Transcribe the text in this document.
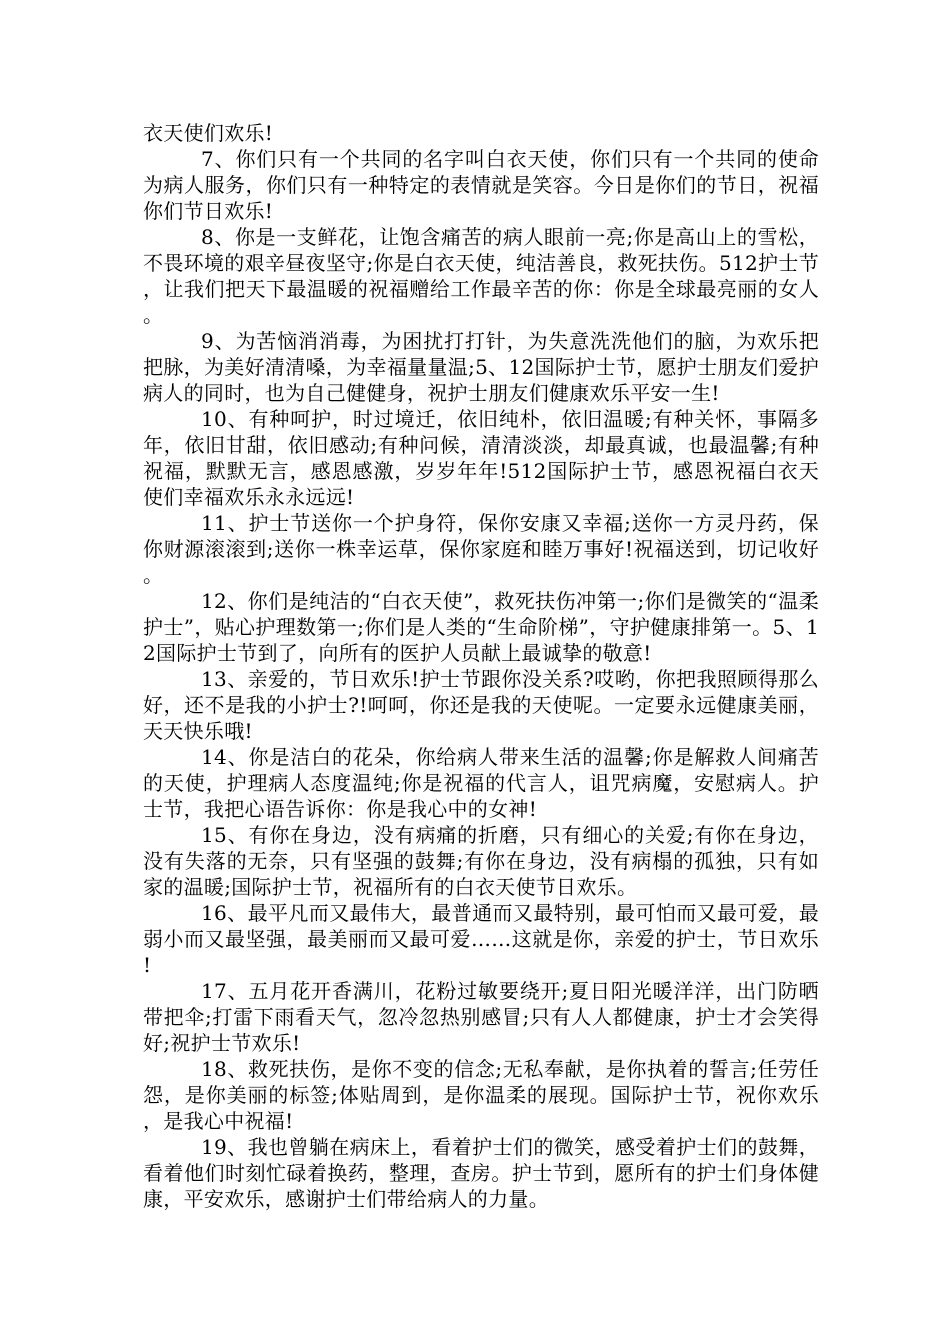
衣天使们欢乐!

7、你们只有一个共同的名字叫白衣天使，你们只有一个共同的使命为病人服务，你们只有一种特定的表情就是笑容。今日是你们的节日，祝福你们节日欢乐!

8、你是一支鲜花，让饱含痛苦的病人眼前一亮;你是高山上的雪松，不畏环境的艰辛昼夜坚守;你是白衣天使，纯洁善良，救死扶伤。512护士节，让我们把天下最温暖的祝福赠给工作最辛苦的你：你是全球最亮丽的女人。

9、为苦恼消消毒，为困扰打打针，为失意洗洗他们的脑，为欢乐把把脉，为美好清清嗓，为幸福量量温;5、12国际护士节，愿护士朋友们爱护病人的同时，也为自己健健身，祝护士朋友们健康欢乐平安一生!

10、有种呵护，时过境迁，依旧纯朴，依旧温暖;有种关怀，事隔多年，依旧甘甜，依旧感动;有种问候，清清淡淡，却最真诚，也最温馨;有种祝福，默默无言，感恩感激，岁岁年年!512国际护士节，感恩祝福白衣天使们幸福欢乐永永远远!

11、护士节送你一个护身符，保你安康又幸福;送你一方灵丹药，保你财源滚滚到;送你一株幸运草，保你家庭和睦万事好!祝福送到，切记收好。

12、你们是纯洁的“白衣天使”，救死扶伤冲第一;你们是微笑的“温柔护士”，贴心护理数第一;你们是人类的“生命阶梯”，守护健康排第一。5、12国际护士节到了，向所有的医护人员献上最诚挚的敬意!

13、亲爱的，节日欢乐!护士节跟你没关系?哎哟，你把我照顾得那么好，还不是我的小护士?!呵呵，你还是我的天使呢。一定要永远健康美丽，天天快乐哦!

14、你是洁白的花朵，你给病人带来生活的温馨;你是解救人间痛苦的天使，护理病人态度温纯;你是祝福的代言人，诅咒病魔，安慰病人。护士节，我把心语告诉你：你是我心中的女神!

15、有你在身边，没有病痛的折磨，只有细心的关爱;有你在身边，没有失落的无奈，只有坚强的鼓舞;有你在身边，没有病榻的孤独，只有如家的温暖;国际护士节，祝福所有的白衣天使节日欢乐。

16、最平凡而又最伟大，最普通而又最特别，最可怕而又最可爱，最弱小而又最坚强，最美丽而又最可爱……这就是你，亲爱的护士，节日欢乐!

17、五月花开香满川，花粉过敏要绕开;夏日阳光暖洋洋，出门防晒带把伞;打雷下雨看天气，忽冷忽热别感冒;只有人人都健康，护士才会笑得好;祝护士节欢乐!

18、救死扶伤，是你不变的信念;无私奉献，是你执着的誓言;任劳任怨，是你美丽的标签;体贴周到，是你温柔的展现。国际护士节，祝你欢乐，是我心中祝福!

19、我也曾躺在病床上，看着护士们的微笑，感受着护士们的鼓舞，看着他们时刻忙碌着换药，整理，查房。护士节到，愿所有的护士们身体健康，平安欢乐，感谢护士们带给病人的力量。
